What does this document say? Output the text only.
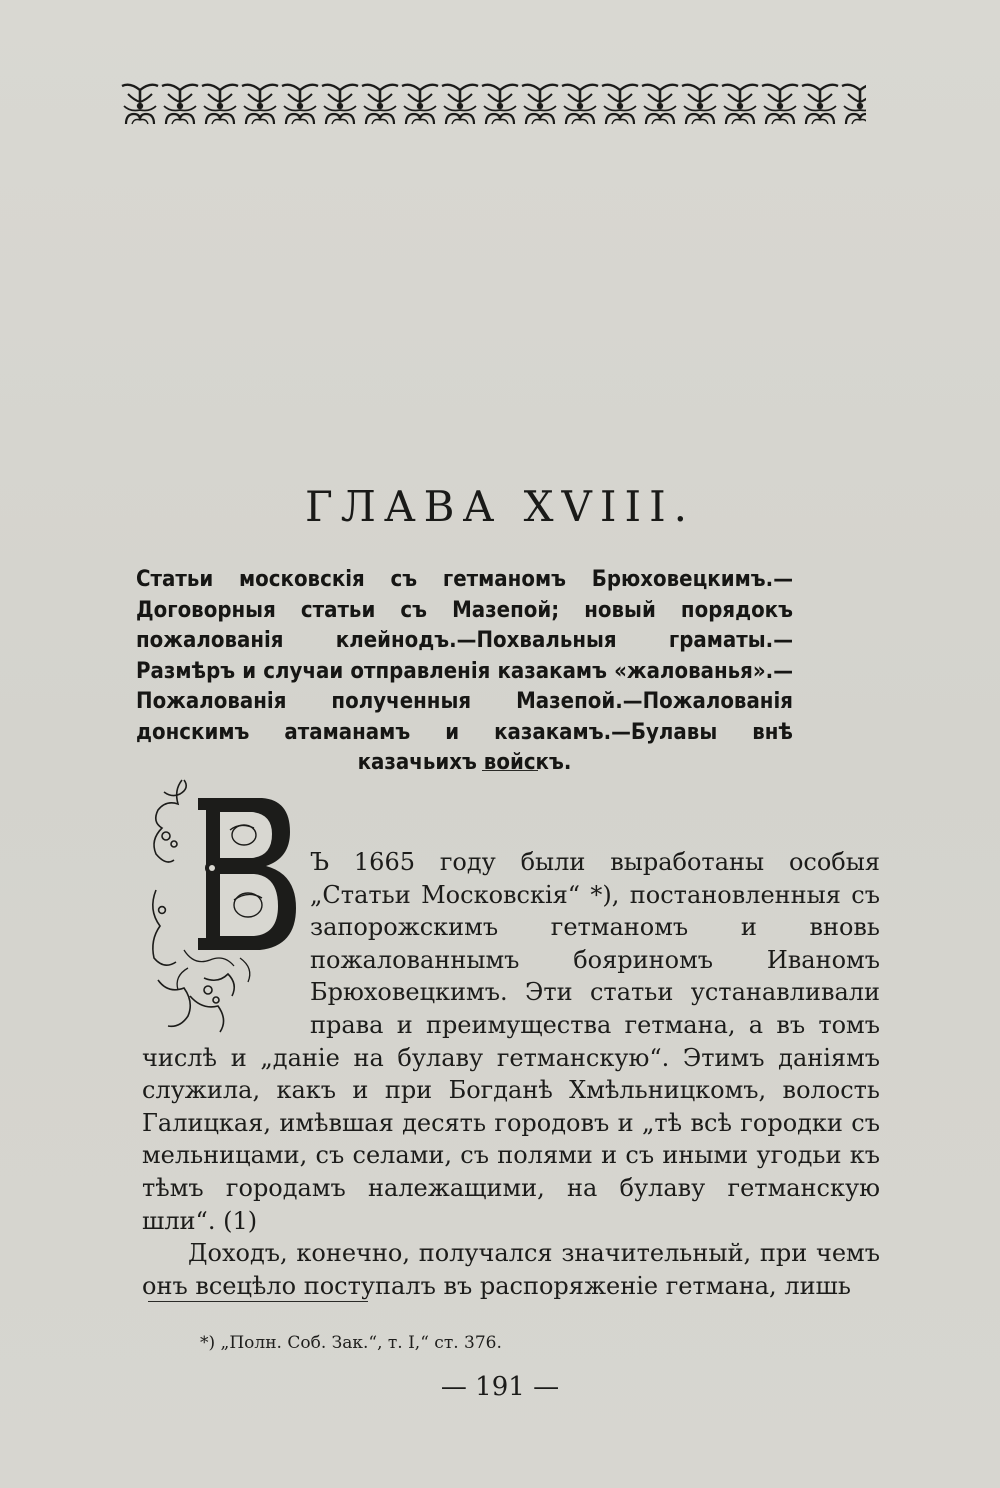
ГЛАВА XVIII.
Статьи московскія съ гетманомъ Брюховецкимъ.—Договорныя статьи съ Мазепой; новый порядокъ пожалованія клейнодъ.—Похвальныя граматы.—Размѣръ и случаи отправленія казакамъ «жалованья».—Пожалованія полученныя Мазепой.—Пожалованія донскимъ атаманамъ и казакамъ.—Булавы внѣ казачьихъ войскъ.

Ъ 1665 году были выработаны особыя „Статьи Московскія“ *), постановленныя съ запорожскимъ гетманомъ и вновь пожалованнымъ бояриномъ Иваномъ Брюховецкимъ. Эти статьи устанавливали права и преимущества гетмана, а въ томъ числѣ и „даніе на булаву гетманскую“. Этимъ даніямъ служила, какъ и при Богданѣ Хмѣльницкомъ, волость Галицкая, имѣвшая десять городовъ и „тѣ всѣ городки съ мельницами, съ селами, съ полями и съ иными угодьи къ тѣмъ городамъ належащими, на булаву гетманскую шли“. (1)

Доходъ, конечно, получался значительный, при чемъ онъ всецѣло поступалъ въ распоряженіе гетмана, лишь

*) „Полн. Соб. Зак.“, т. I,“ ст. 376.
— 191 —
